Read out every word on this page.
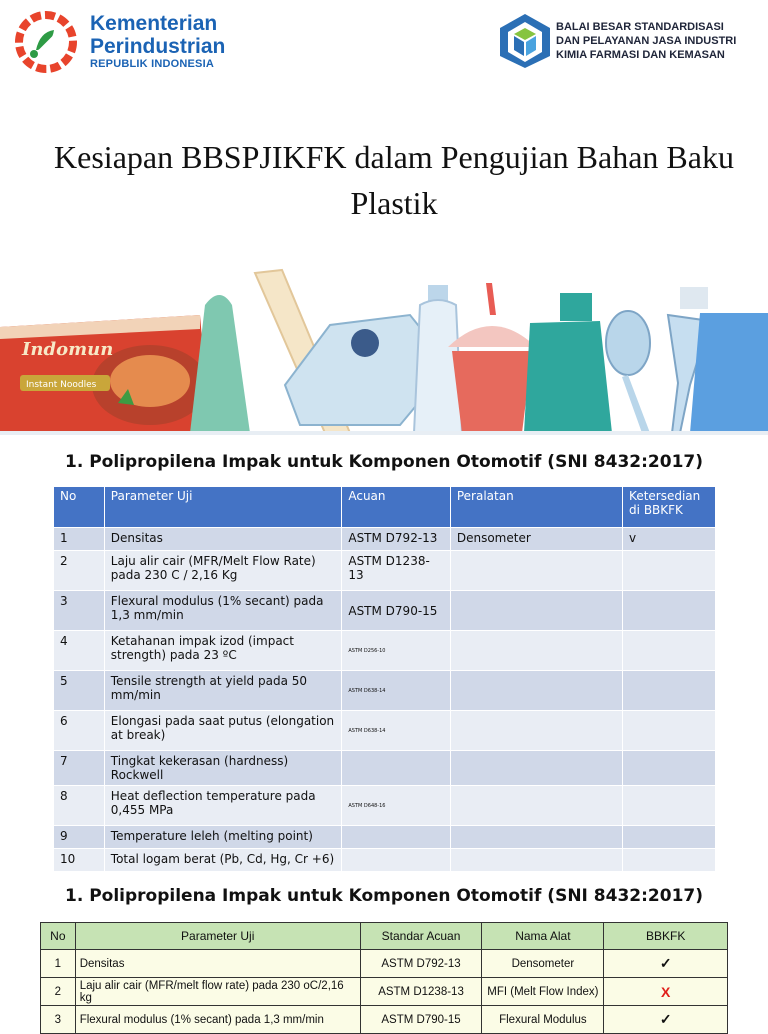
Kementerian
Perindustrian
REPUBLIK INDONESIA
BALAI BESAR STANDARDISASI
DAN PELAYANAN JASA INDUSTRI
KIMIA FARMASI DAN KEMASAN
Kesiapan BBSPJIKFK dalam Pengujian Bahan Baku
Plastik
Indomun
Instant Noodles
1. Polipropilena Impak untuk Komponen Otomotif (SNI 8432:2017)
No	Parameter Uji	Acuan	Peralatan	Ketersedian di BBKFK
1	Densitas	ASTM D792-13	Densometer	v
2	Laju alir cair (MFR/Melt Flow Rate) pada 230 C / 2,16 Kg	ASTM D1238-13		
3	Flexural modulus (1% secant) pada 1,3 mm/min	ASTM D790-15		
4	Ketahanan impak izod (impact strength) pada 23 ºC	ASTM D256-10		
5	Tensile strength at yield pada 50 mm/min	ASTM D638-14		
6	Elongasi pada saat putus (elongation at break)	ASTM D638-14		
7	Tingkat kekerasan (hardness) Rockwell			
8	Heat deflection temperature pada 0,455 MPa	ASTM D648-16		
9	Temperature leleh (melting point)			
10	Total logam berat (Pb, Cd, Hg, Cr +6)			
1. Polipropilena Impak untuk Komponen Otomotif (SNI 8432:2017)
No	Parameter Uji	Standar Acuan	Nama Alat	BBKFK
1	Densitas	ASTM D792-13	Densometer	✓
2	Laju alir cair (MFR/melt flow rate) pada 230 oC/2,16 kg	ASTM D1238-13	MFI (Melt Flow Index)	X
3	Flexural modulus (1% secant) pada 1,3 mm/min	ASTM D790-15	Flexural Modulus	✓
